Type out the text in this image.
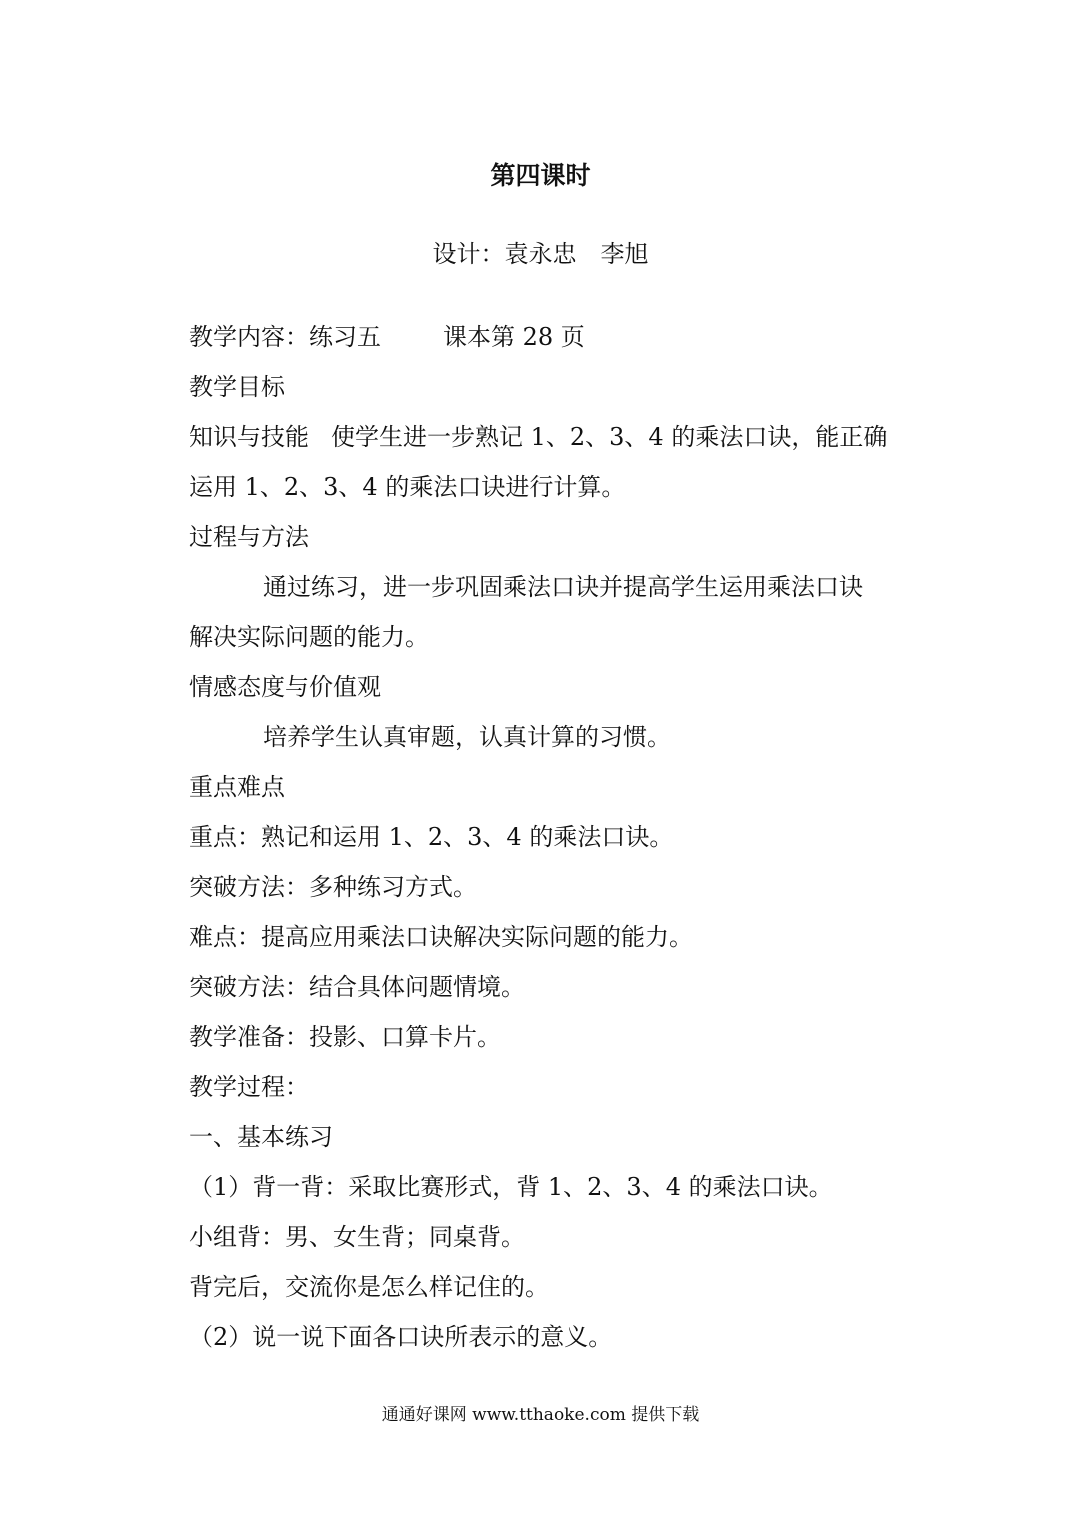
第四课时
设计：袁永忠 李旭
教学内容：练习五	课本第 28 页
教学目标
知识与技能 使学生进一步熟记 1、2、3、4 的乘法口诀，能正确
运用 1、2、3、4 的乘法口诀进行计算。
过程与方法
通过练习，进一步巩固乘法口诀并提高学生运用乘法口诀
解决实际问题的能力。
情感态度与价值观
培养学生认真审题，认真计算的习惯。
重点难点
重点：熟记和运用 1、2、3、4 的乘法口诀。
突破方法：多种练习方式。
难点：提高应用乘法口诀解决实际问题的能力。
突破方法：结合具体问题情境。
教学准备：投影、口算卡片。
教学过程：
一、基本练习
（1）背一背：采取比赛形式，背 1、2、3、4 的乘法口诀。
小组背：男、女生背；同桌背。
背完后，交流你是怎么样记住的。
（2）说一说下面各口诀所表示的意义。
通通好课网 www.tthaoke.com 提供下载
